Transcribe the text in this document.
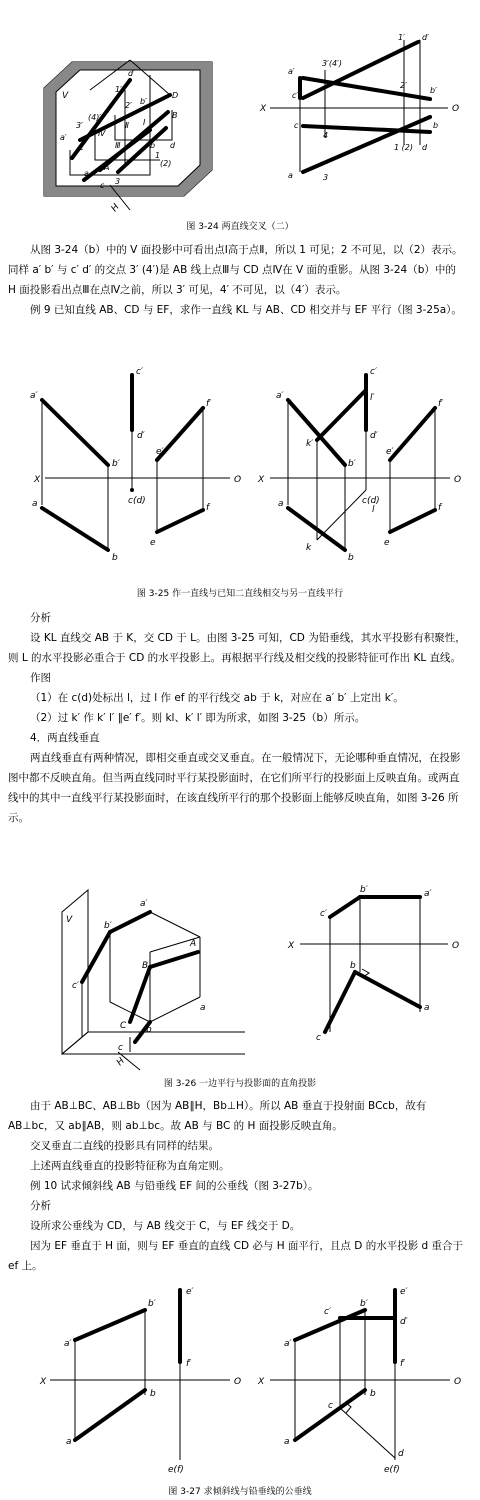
V
H
d′
1′
D
(4)′
b′
B
a′
3′
2′
C
Ⅳ
Ⅱ Ⅰ
Ⅲ
A
b d
1
(2)
a
c 3
X	O
a′
3′(4′)
1′ d′
c′
2′
b′
4
1 (2)
c	b
d
a	3
图 3-24 两直线交叉（二）

从图 3-24（b）中的 V 面投影中可看出点Ⅰ高于点Ⅱ，所以 1 可见；2 不可见，以（2）表示。同样 a′ b′ 与 c′ d′ 的交点 3′ (4′)是 AB 线上点Ⅲ与 CD 点Ⅳ在 V 面的重影。从图 3-24（b）中的 H 面投影看出点Ⅲ在点Ⅳ之前，所以 3′ 可见，4′ 不可见，以（4′）表示。

例 9 已知直线 AB、CD 与 EF，求作一直线 KL 与 AB、CD 相交并与 EF 平行（图 3-25a）。

X	O
c′
a′
d′
f′
e′
b′
c(d)
a	f
e
b
X	O
c′
a′	l′
d′
f′
k′
e′
b′
c(d)
a
l	f
k	e
b
图 3-25 作一直线与已知二直线相交与另一直线平行

分析

设 KL 直线交 AB 于 K，交 CD 于 L。由图 3-25 可知，CD 为铅垂线，其水平投影有积聚性，则 L 的水平投影必重合于 CD 的水平投影上。再根据平行线及相交线的投影特征可作出 KL 直线。

作图

（1）在 c(d)处标出 l，过 l 作 ef 的平行线交 ab 于 k，对应在 a′ b′ 上定出 k′。

（2）过 k′ 作 k′ l′ ∥e′ f′。则 kl、k′ l′ 即为所求，如图 3-25（b）所示。

4．两直线垂直

两直线垂直有两种情况，即相交垂直或交叉垂直。在一般情况下，无论哪种垂直情况，在投影图中都不反映直角。但当两直线同时平行某投影面时，在它们所平行的投影面上反映直角。或两直线中的其中一直线平行某投影面时，在该直线所平行的那个投影面上能够反映直角，如图 3-26 所示。

V
H
a′
b′
A
B
c′
C
a
b
c
X	O
b′	a′
c′
b
a
c
图 3-26 一边平行与投影面的直角投影

由于 AB⊥BC、AB⊥Bb（因为 AB∥H，Bb⊥H）。所以 AB 垂直于投射面 BCcb，故有 AB⊥bc，又 ab∥AB，则 ab⊥bc。故 AB 与 BC 的 H 面投影反映直角。

交叉垂直二直线的投影具有同样的结果。

上述两直线垂直的投影特征称为直角定则。

例 10 试求倾斜线 AB 与铅垂线 EF 间的公垂线（图 3-27b）。

分析

设所求公垂线为 CD，与 AB 线交于 C，与 EF 线交于 D。

因为 EF 垂直于 H 面，则与 EF 垂直的直线 CD 必与 H 面平行，且点 D 的水平投影 d 重合于 ef 上。

X	O
b′
e′
f′
a′
b
a
e(f)
X	O
e′
c′
b′
d′
f′
a′
c
b
a
d
e(f)
图 3-27 求倾斜线与铅垂线的公垂线
